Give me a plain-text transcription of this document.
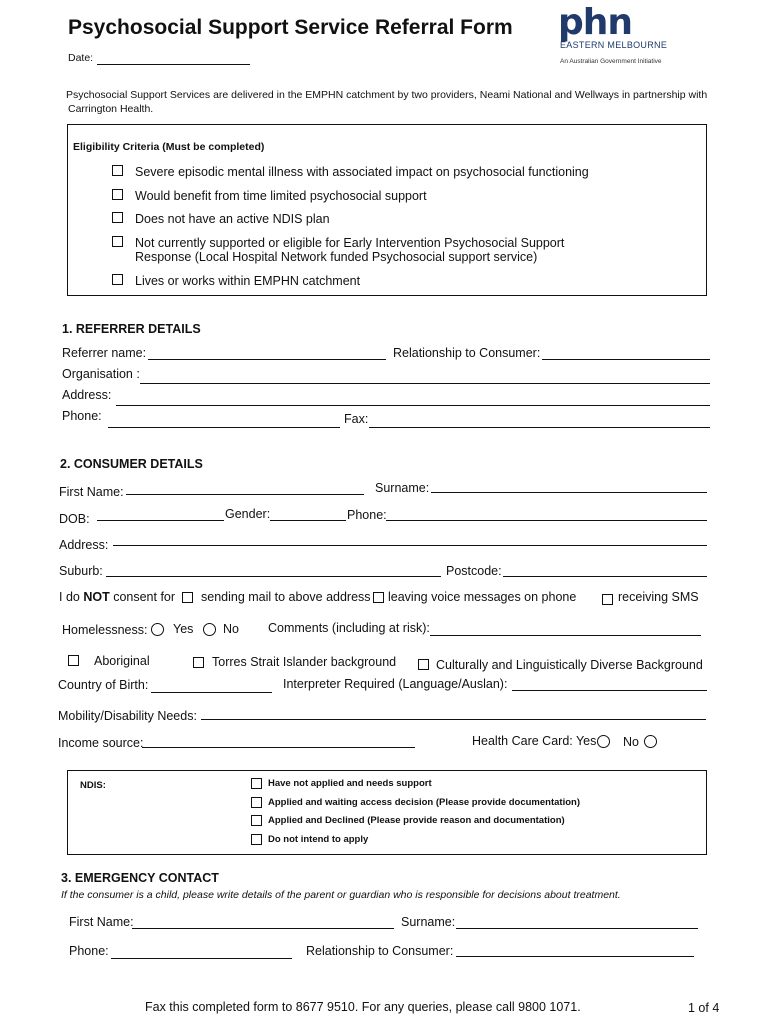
Psychosocial Support Service Referral Form phn
EASTERN MELBOURNE
An Australian Government Initiative
Date:
Psychosocial Support Services are delivered in the EMPHN catchment by two providers, Neami National and Wellways in partnership with
Carrington Health.
Eligibility Criteria (Must be completed)
Severe episodic mental illness with associated impact on psychosocial functioning
Would benefit from time limited psychosocial support
Does not have an active NDIS plan
Not currently supported or eligible for Early Intervention Psychosocial Support
Response (Local Hospital Network funded Psychosocial support service)
Lives or works within EMPHN catchment
1. REFERRER DETAILS
Referrer name:	Relationship to Consumer:
Organisation :
Address:
Phone:	Fax:
2. CONSUMER DETAILS
First Name:	Surname:
DOB:	Gender:	Phone:
Address:
Suburb:	Postcode:
I do NOT consent for sending mail to above address leaving voice messages on phone	receiving SMS
Homelessness: Yes No Comments (including at risk):
Aboriginal	Torres Strait Islander background	Culturally and Linguistically Diverse Background
Country of Birth:	Interpreter Required (Language/Auslan):
Mobility/Disability Needs:
Income source:	Health Care Card: Yes No
NDIS:	Have not applied and needs support
Applied and waiting access decision (Please provide documentation)
Applied and Declined (Please provide reason and documentation)
Do not intend to apply
3. EMERGENCY CONTACT
If the consumer is a child, please write details of the parent or guardian who is responsible for decisions about treatment.
First Name:	Surname:
Phone:	Relationship to Consumer:
Fax this completed form to 8677 9510. For any queries, please call 9800 1071.	1 of 4
